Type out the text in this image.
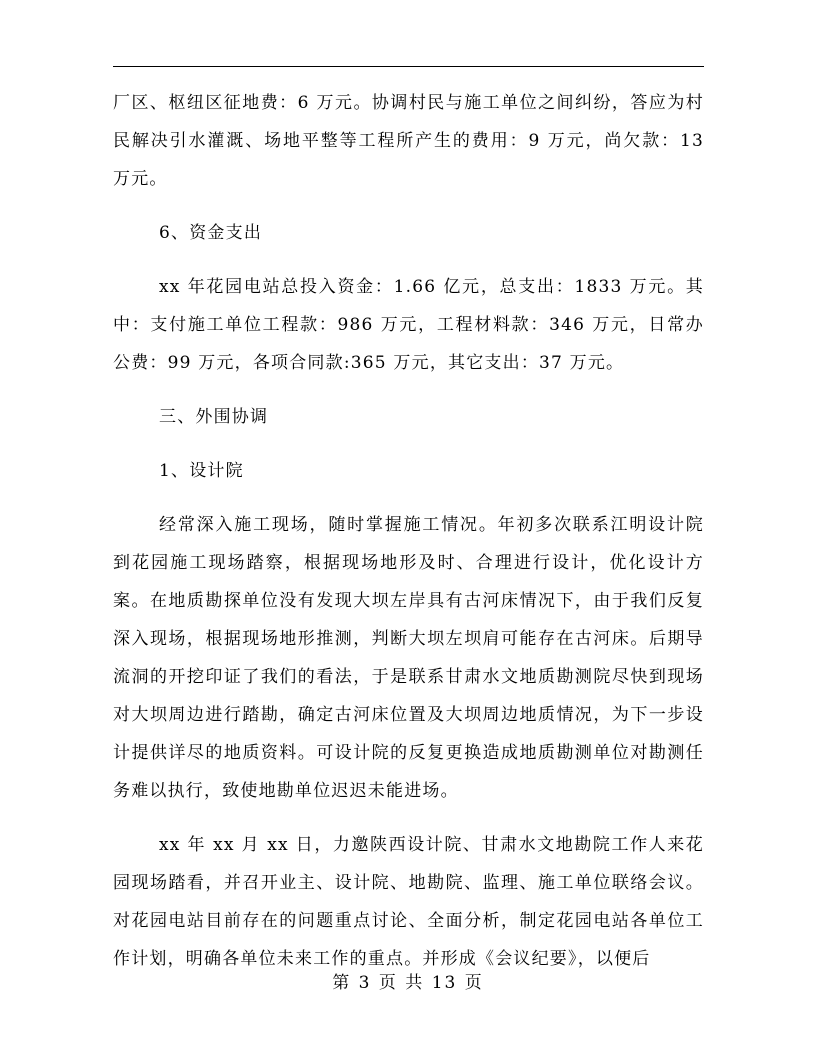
厂区、枢纽区征地费：6 万元。协调村民与施工单位之间纠纷，答应为村民解决引水灌溉、场地平整等工程所产生的费用：9 万元，尚欠款：13 万元。

6、资金支出

xx 年花园电站总投入资金：1.66 亿元，总支出：1833 万元。其中：支付施工单位工程款：986 万元，工程材料款：346 万元，日常办公费：99 万元，各项合同款:365 万元，其它支出：37 万元。

三、外围协调

1、设计院

经常深入施工现场，随时掌握施工情况。年初多次联系江明设计院到花园施工现场踏察，根据现场地形及时、合理进行设计，优化设计方案。在地质勘探单位没有发现大坝左岸具有古河床情况下，由于我们反复深入现场，根据现场地形推测，判断大坝左坝肩可能存在古河床。后期导流洞的开挖印证了我们的看法，于是联系甘肃水文地质勘测院尽快到现场对大坝周边进行踏勘，确定古河床位置及大坝周边地质情况，为下一步设计提供详尽的地质资料。可设计院的反复更换造成地质勘测单位对勘测任务难以执行，致使地勘单位迟迟未能进场。

xx 年 xx 月 xx 日，力邀陕西设计院、甘肃水文地勘院工作人来花园现场踏看，并召开业主、设计院、地勘院、监理、施工单位联络会议。对花园电站目前存在的问题重点讨论、全面分析，制定花园电站各单位工作计划，明确各单位未来工作的重点。并形成《会议纪要》，以便后

第 3 页 共 13 页
